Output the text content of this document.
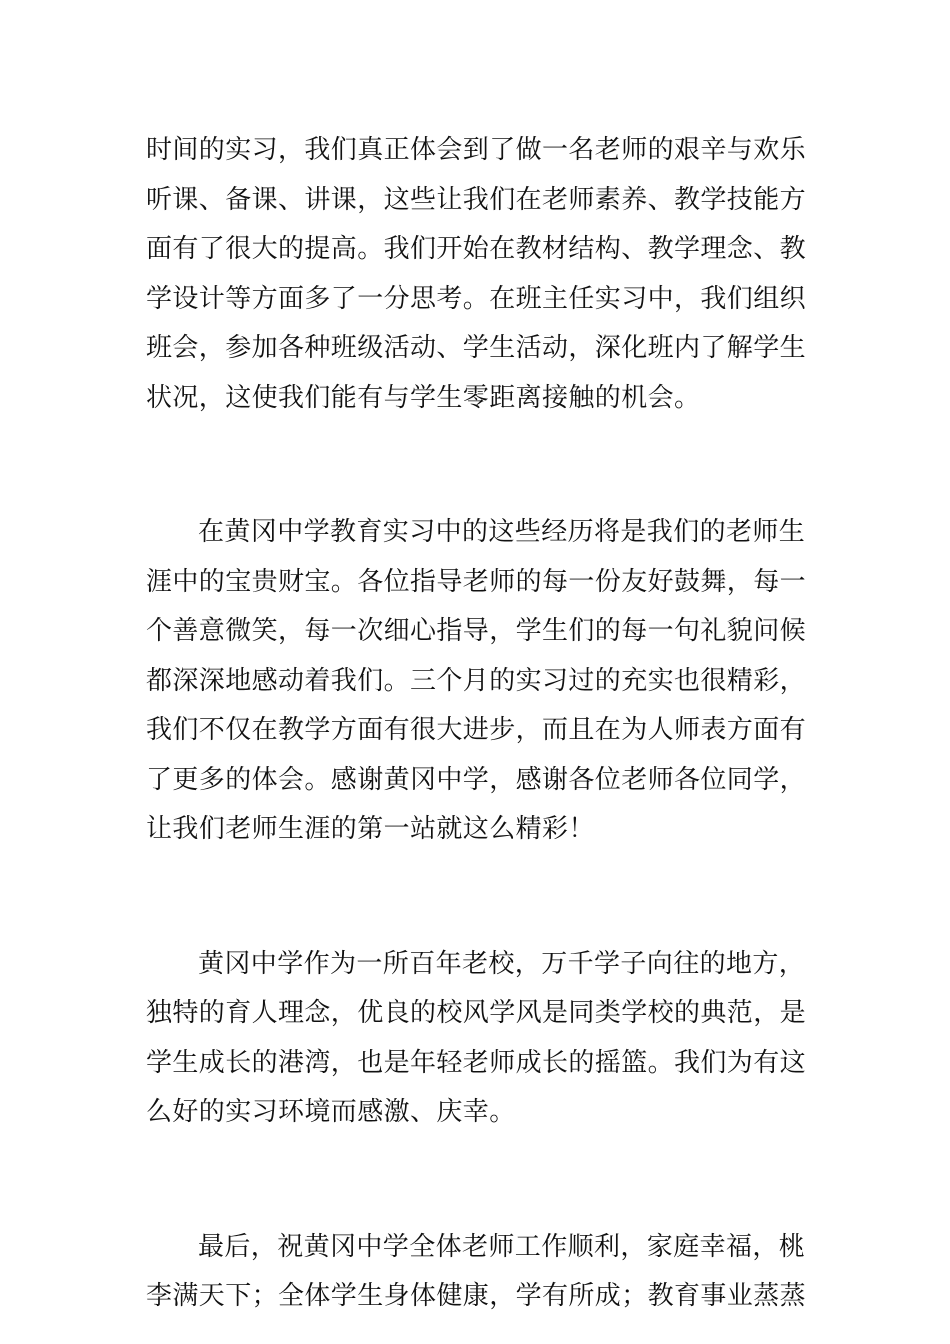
时间的实习，我们真正体会到了做一名老师的艰辛与欢乐
听课、备课、讲课，这些让我们在老师素养、教学技能方
面有了很大的提高。我们开始在教材结构、教学理念、教
学设计等方面多了一分思考。在班主任实习中，我们组织
班会，参加各种班级活动、学生活动，深化班内了解学生
状况，这使我们能有与学生零距离接触的机会。

在黄冈中学教育实习中的这些经历将是我们的老师生
涯中的宝贵财宝。各位指导老师的每一份友好鼓舞，每一
个善意微笑，每一次细心指导，学生们的每一句礼貌问候
都深深地感动着我们。三个月的实习过的充实也很精彩，
我们不仅在教学方面有很大进步，而且在为人师表方面有
了更多的体会。感谢黄冈中学，感谢各位老师各位同学，
让我们老师生涯的第一站就这么精彩！

黄冈中学作为一所百年老校，万千学子向往的地方，
独特的育人理念，优良的校风学风是同类学校的典范，是
学生成长的港湾，也是年轻老师成长的摇篮。我们为有这
么好的实习环境而感激、庆幸。

最后，祝黄冈中学全体老师工作顺利，家庭幸福，桃
李满天下；全体学生身体健康，学有所成；教育事业蒸蒸
